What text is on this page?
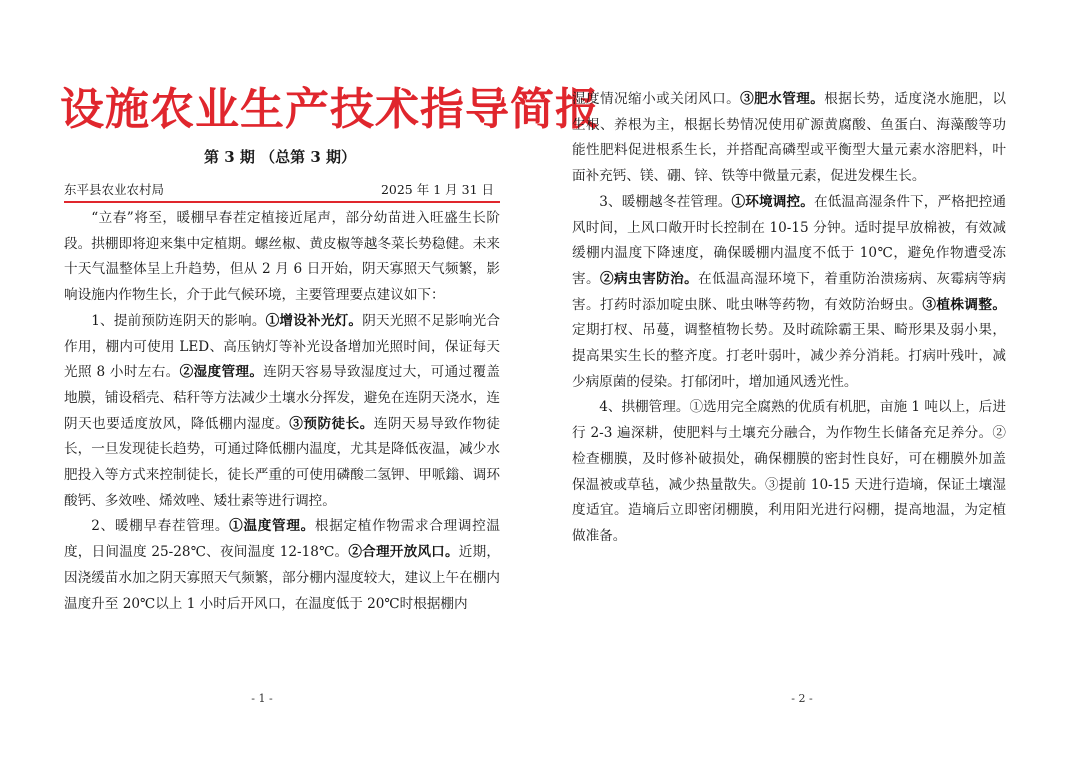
设施农业生产技术指导简报
第 3 期 （总第 3 期）
东平县农业农村局	2025 年 1 月 31 日

“立春”将至，暖棚早春茬定植接近尾声，部分幼苗进入旺盛生长阶段。拱棚即将迎来集中定植期。螺丝椒、黄皮椒等越冬菜长势稳健。未来十天气温整体呈上升趋势，但从 2 月 6 日开始，阴天寡照天气频繁，影响设施内作物生长，介于此气候环境，主要管理要点建议如下：

1、提前预防连阴天的影响。①增设补光灯。阴天光照不足影响光合作用，棚内可使用 LED、高压钠灯等补光设备增加光照时间，保证每天光照 8 小时左右。②湿度管理。连阴天容易导致湿度过大，可通过覆盖地膜，铺设稻壳、秸秆等方法减少土壤水分挥发，避免在连阴天浇水，连阴天也要适度放风，降低棚内湿度。③预防徒长。连阴天易导致作物徒长，一旦发现徒长趋势，可通过降低棚内温度，尤其是降低夜温，减少水肥投入等方式来控制徒长，徒长严重的可使用磷酸二氢钾、甲哌鎓、调环酸钙、多效唑、烯效唑、矮壮素等进行调控。

2、暖棚早春茬管理。①温度管理。根据定植作物需求合理调控温度，日间温度 25-28℃、夜间温度 12-18℃。②合理开放风口。近期，因浇缓苗水加之阴天寡照天气频繁，部分棚内湿度较大，建议上午在棚内温度升至 20℃以上 1 小时后开风口，在温度低于 20℃时根据棚内

- 1 -

湿度情况缩小或关闭风口。③肥水管理。根据长势，适度浇水施肥，以生根、养根为主，根据长势情况使用矿源黄腐酸、鱼蛋白、海藻酸等功能性肥料促进根系生长，并搭配高磷型或平衡型大量元素水溶肥料，叶面补充钙、镁、硼、锌、铁等中微量元素，促进发棵生长。

3、暖棚越冬茬管理。①环境调控。在低温高湿条件下，严格把控通风时间，上风口敞开时长控制在 10-15 分钟。适时提早放棉被，有效减缓棚内温度下降速度，确保暖棚内温度不低于 10℃，避免作物遭受冻害。②病虫害防治。在低温高湿环境下，着重防治溃疡病、灰霉病等病害。打药时添加啶虫脒、吡虫啉等药物，有效防治蚜虫。③植株调整。定期打杈、吊蔓，调整植物长势。及时疏除霸王果、畸形果及弱小果，提高果实生长的整齐度。打老叶弱叶，减少养分消耗。打病叶残叶，减少病原菌的侵染。打郁闭叶，增加通风透光性。

4、拱棚管理。①选用完全腐熟的优质有机肥，亩施 1 吨以上，后进行 2-3 遍深耕，使肥料与土壤充分融合，为作物生长储备充足养分。②检查棚膜，及时修补破损处，确保棚膜的密封性良好，可在棚膜外加盖保温被或草毡，减少热量散失。③提前 10-15 天进行造墒，保证土壤湿度适宜。造墒后立即密闭棚膜，利用阳光进行闷棚，提高地温，为定植做准备。

- 2 -
